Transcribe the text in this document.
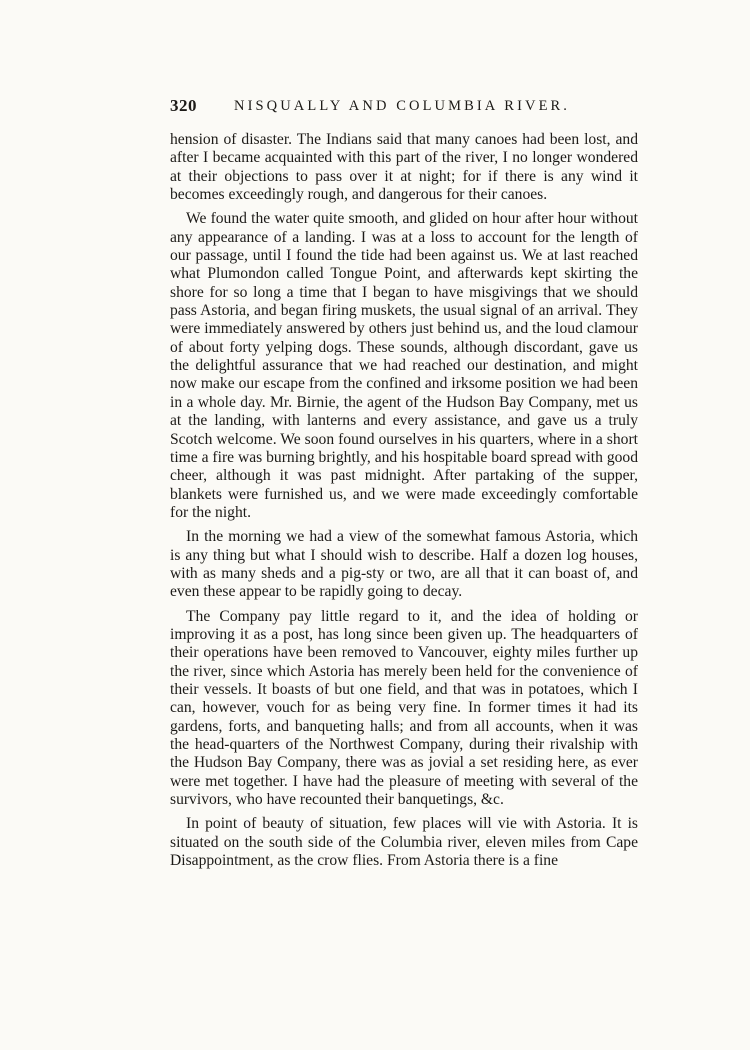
320	NISQUALLY AND COLUMBIA RIVER.

hension of disaster. The Indians said that many canoes had been lost, and after I became acquainted with this part of the river, I no longer wondered at their objections to pass over it at night; for if there is any wind it becomes exceedingly rough, and dangerous for their canoes.

We found the water quite smooth, and glided on hour after hour without any appearance of a landing. I was at a loss to account for the length of our passage, until I found the tide had been against us. We at last reached what Plumondon called Tongue Point, and afterwards kept skirting the shore for so long a time that I began to have misgivings that we should pass Astoria, and began firing muskets, the usual signal of an arrival. They were immediately answered by others just behind us, and the loud clamour of about forty yelping dogs. These sounds, although discordant, gave us the delightful assurance that we had reached our destination, and might now make our escape from the confined and irksome position we had been in a whole day. Mr. Birnie, the agent of the Hudson Bay Company, met us at the landing, with lanterns and every assistance, and gave us a truly Scotch welcome. We soon found ourselves in his quarters, where in a short time a fire was burning brightly, and his hospitable board spread with good cheer, although it was past midnight. After partaking of the supper, blankets were furnished us, and we were made exceedingly comfortable for the night.

In the morning we had a view of the somewhat famous Astoria, which is any thing but what I should wish to describe. Half a dozen log houses, with as many sheds and a pig-sty or two, are all that it can boast of, and even these appear to be rapidly going to decay.

The Company pay little regard to it, and the idea of holding or improving it as a post, has long since been given up. The headquarters of their operations have been removed to Vancouver, eighty miles further up the river, since which Astoria has merely been held for the convenience of their vessels. It boasts of but one field, and that was in potatoes, which I can, however, vouch for as being very fine. In former times it had its gardens, forts, and banqueting halls; and from all accounts, when it was the head-quarters of the Northwest Company, during their rivalship with the Hudson Bay Company, there was as jovial a set residing here, as ever were met together. I have had the pleasure of meeting with several of the survivors, who have recounted their banquetings, &c.

In point of beauty of situation, few places will vie with Astoria. It is situated on the south side of the Columbia river, eleven miles from Cape Disappointment, as the crow flies. From Astoria there is a fine
